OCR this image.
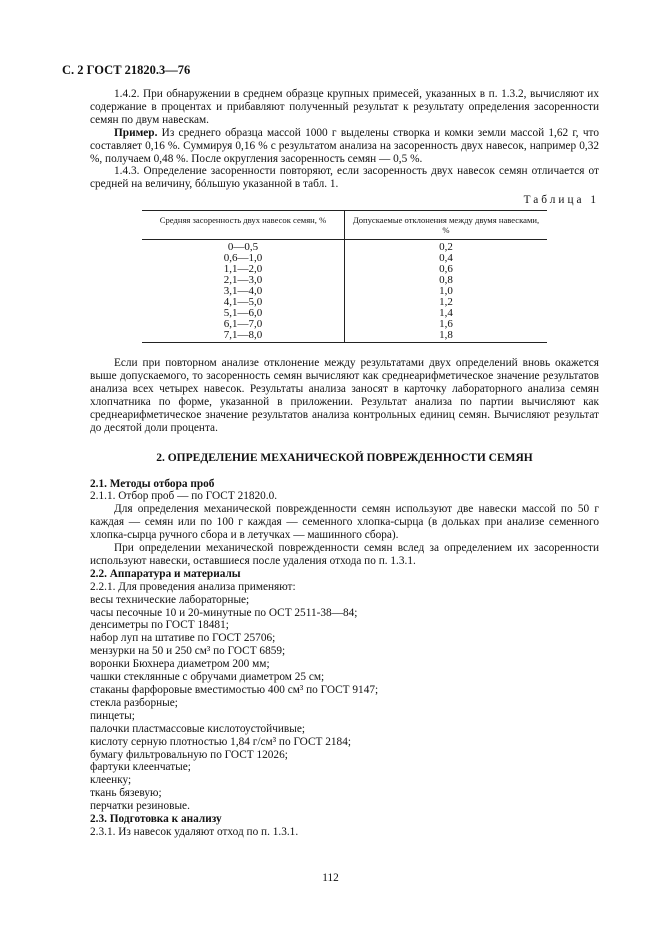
С. 2 ГОСТ 21820.3—76

1.4.2. При обнаружении в среднем образце крупных примесей, указанных в п. 1.3.2, вычисляют их содержание в процентах и прибавляют полученный результат к результату определения засоренности семян по двум навескам.

Пример. Из среднего образца массой 1000 г выделены створка и комки земли массой 1,62 г, что составляет 0,16 %. Суммируя 0,16 % с результатом анализа на засоренность двух навесок, например 0,32 %, получаем 0,48 %. После округления засоренность семян — 0,5 %.

1.4.3. Определение засоренности повторяют, если засоренность двух навесок семян отличается от средней на величину, бóльшую указанной в табл. 1.

Таблица 1
Средняя засоренность двух навесок семян, %	Допускаемые отклонения между двумя навесками, %
0—0,5	0,2
0,6—1,0	0,4
1,1—2,0	0,6
2,1—3,0	0,8
3,1—4,0	1,0
4,1—5,0	1,2
5,1—6,0	1,4
6,1—7,0	1,6
7,1—8,0	1,8

Если при повторном анализе отклонение между результатами двух определений вновь окажется выше допускаемого, то засоренность семян вычисляют как среднеарифметическое значение результатов анализа всех четырех навесок. Результаты анализа заносят в карточку лабораторного анализа семян хлопчатника по форме, указанной в приложении. Результат анализа по партии вычисляют как среднеарифметическое значение результатов анализа контрольных единиц семян. Вычисляют результат до десятой доли процента.

2. ОПРЕДЕЛЕНИЕ МЕХАНИЧЕСКОЙ ПОВРЕЖДЕННОСТИ СЕМЯН

2.1. Методы отбора проб

2.1.1. Отбор проб — по ГОСТ 21820.0.

Для определения механической поврежденности семян используют две навески массой по 50 г каждая — семян или по 100 г каждая — семенного хлопка-сырца (в дольках при анализе семенного хлопка-сырца ручного сбора и в летучках — машинного сбора).

При определении механической поврежденности семян вслед за определением их засоренности используют навески, оставшиеся после удаления отхода по п. 1.3.1.

2.2. Аппаратура и материалы

2.2.1. Для проведения анализа применяют:

весы технические лабораторные;

часы песочные 10 и 20-минутные по ОСТ 2511-38—84;

денсиметры по ГОСТ 18481;

набор луп на штативе по ГОСТ 25706;

мензурки на 50 и 250 см³ по ГОСТ 6859;

воронки Бюхнера диаметром 200 мм;

чашки стеклянные с обручами диаметром 25 см;

стаканы фарфоровые вместимостью 400 см³ по ГОСТ 9147;

стекла разборные;

пинцеты;

палочки пластмассовые кислотоустойчивые;

кислоту серную плотностью 1,84 г/см³ по ГОСТ 2184;

бумагу фильтровальную по ГОСТ 12026;

фартуки клеенчатые;

клеенку;

ткань бязевую;

перчатки резиновые.

2.3. Подготовка к анализу

2.3.1. Из навесок удаляют отход по п. 1.3.1.

112
